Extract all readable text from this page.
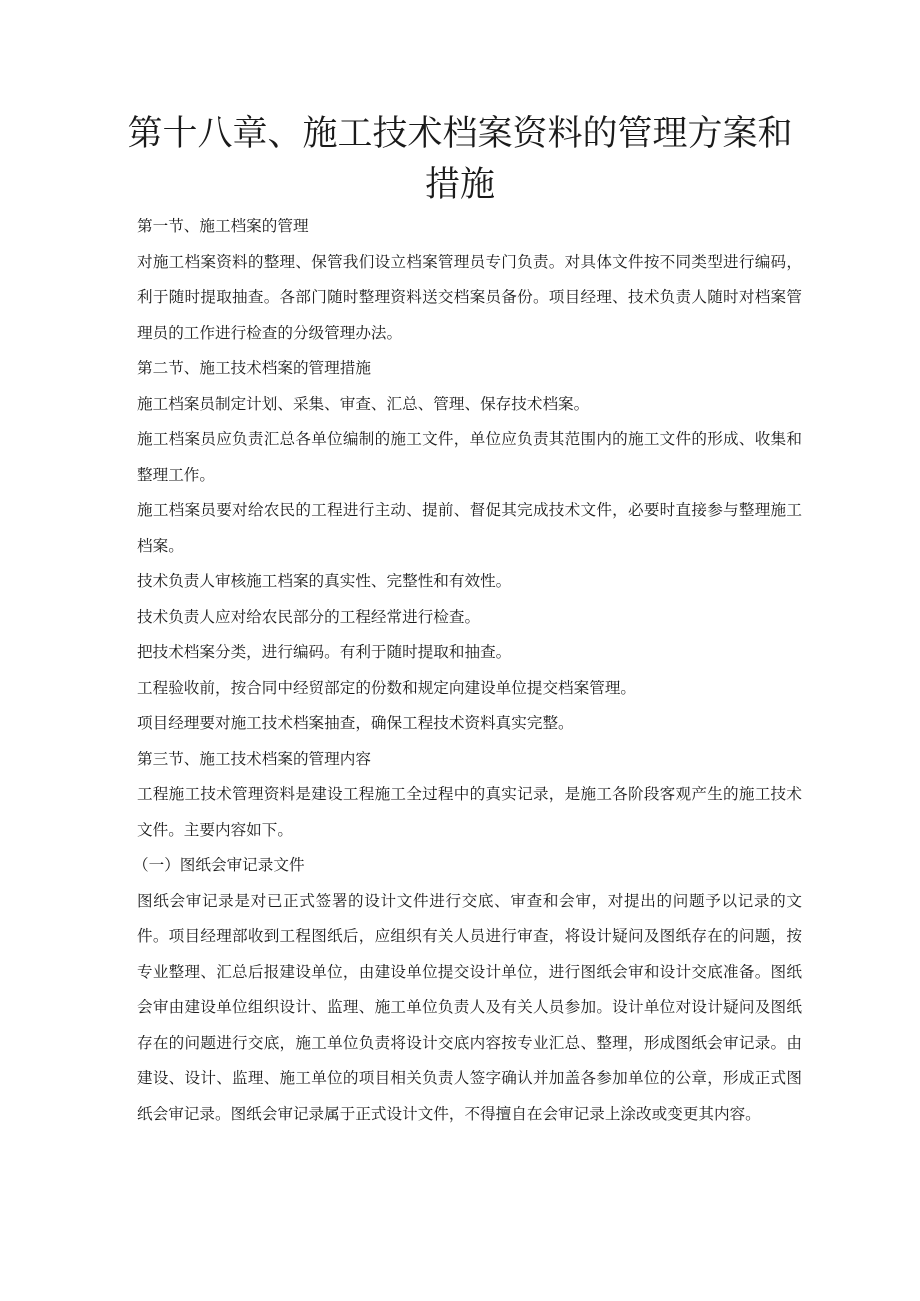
第十八章、施工技术档案资料的管理方案和
措施

第一节、施工档案的管理

对施工档案资料的整理、保管我们设立档案管理员专门负责。对具体文件按不同类型进行编码，利于随时提取抽查。各部门随时整理资料送交档案员备份。项目经理、技术负责人随时对档案管理员的工作进行检查的分级管理办法。

第二节、施工技术档案的管理措施

施工档案员制定计划、采集、审查、汇总、管理、保存技术档案。

施工档案员应负责汇总各单位编制的施工文件，单位应负责其范围内的施工文件的形成、收集和整理工作。

施工档案员要对给农民的工程进行主动、提前、督促其完成技术文件，必要时直接参与整理施工档案。

技术负责人审核施工档案的真实性、完整性和有效性。

技术负责人应对给农民部分的工程经常进行检查。

把技术档案分类，进行编码。有利于随时提取和抽查。

工程验收前，按合同中经贸部定的份数和规定向建设单位提交档案管理。

项目经理要对施工技术档案抽查，确保工程技术资料真实完整。

第三节、施工技术档案的管理内容

工程施工技术管理资料是建设工程施工全过程中的真实记录，是施工各阶段客观产生的施工技术文件。主要内容如下。

（一）图纸会审记录文件

图纸会审记录是对已正式签署的设计文件进行交底、审查和会审，对提出的问题予以记录的文件。项目经理部收到工程图纸后，应组织有关人员进行审查，将设计疑问及图纸存在的问题，按专业整理、汇总后报建设单位，由建设单位提交设计单位，进行图纸会审和设计交底准备。图纸会审由建设单位组织设计、监理、施工单位负责人及有关人员参加。设计单位对设计疑问及图纸存在的问题进行交底，施工单位负责将设计交底内容按专业汇总、整理，形成图纸会审记录。由建设、设计、监理、施工单位的项目相关负责人签字确认并加盖各参加单位的公章，形成正式图纸会审记录。图纸会审记录属于正式设计文件，不得擅自在会审记录上涂改或变更其内容。
